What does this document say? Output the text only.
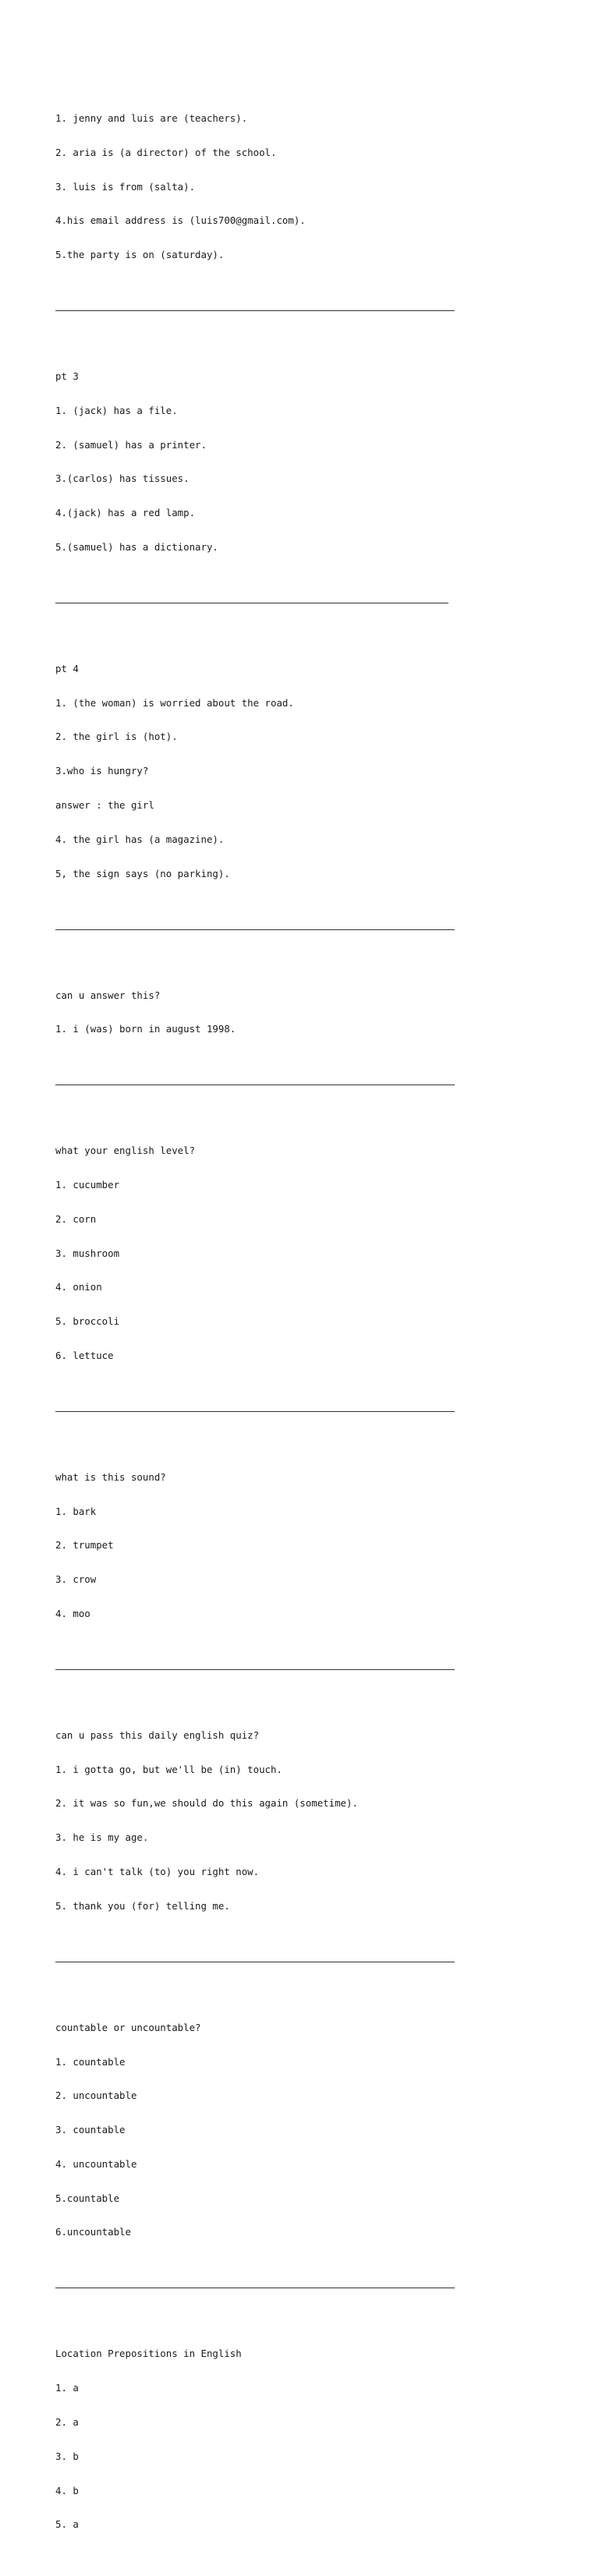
1. jenny and luis are (teachers).

2. aria is (a director) of the school.

3. luis is from (salta).

4.his email address is (luis700@gmail.com).

5.the party is on (saturday).

pt 3

1. (jack) has a file.

2. (samuel) has a printer.

3.(carlos) has tissues.

4.(jack) has a red lamp.

5.(samuel) has a dictionary.

pt 4

1. (the woman) is worried about the road.

2. the girl is (hot).

3.who is hungry?

answer : the girl

4. the girl has (a magazine).

5, the sign says (no parking).

can u answer this?

1. i (was) born in august 1998.

what your english level?

1. cucumber

2. corn

3. mushroom

4. onion

5. broccoli

6. lettuce

what is this sound?

1. bark

2. trumpet

3. crow

4. moo

can u pass this daily english quiz?

1. i gotta go, but we'll be (in) touch.

2. it was so fun,we should do this again (sometime).

3. he is my age.

4. i can't talk (to) you right now.

5. thank you (for) telling me.

countable or uncountable?

1. countable

2. uncountable

3. countable

4. uncountable

5.countable

6.uncountable

Location Prepositions in English

1. a

2. a

3. b

4. b

5. a
